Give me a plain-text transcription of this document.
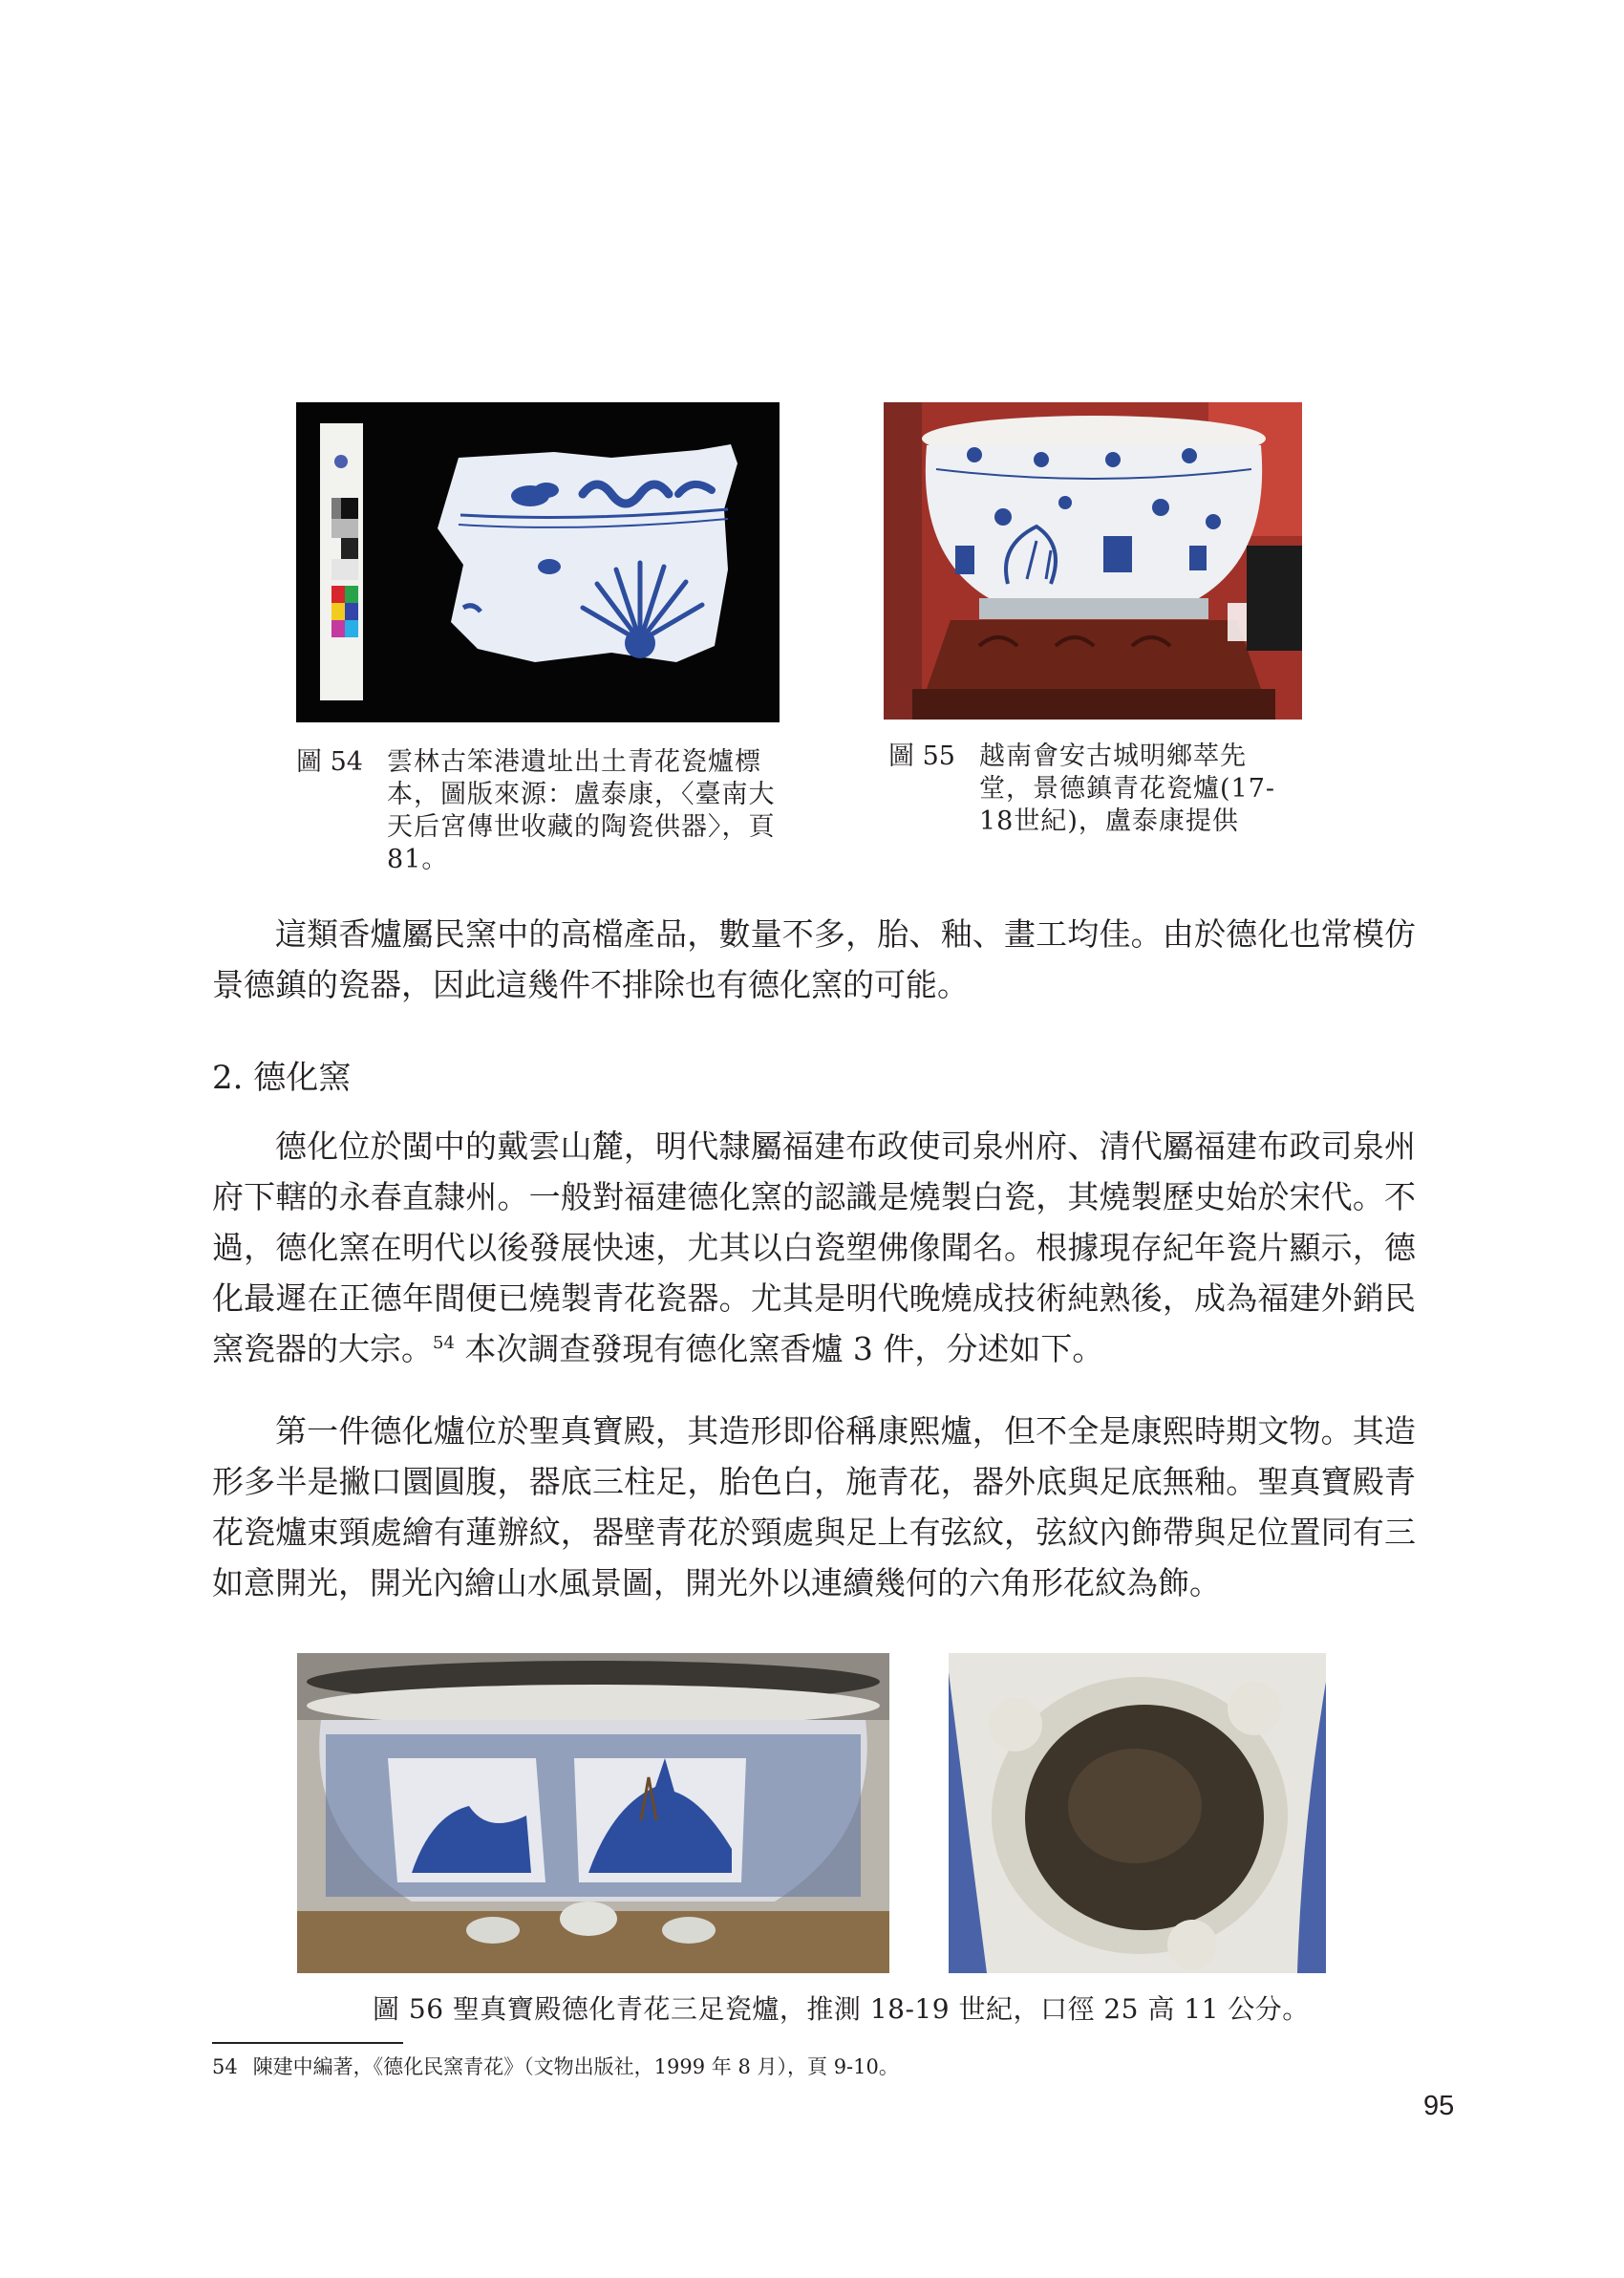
圖 54 雲林古笨港遺址出土青花瓷爐標本，圖版來源：盧泰康，〈臺南大天后宮傳世收藏的陶瓷供器〉，頁 81。
圖 55 越南會安古城明鄉萃先堂，景德鎮青花瓷爐(17-18世紀)，盧泰康提供

這類香爐屬民窯中的高檔產品，數量不多，胎、釉、畫工均佳。由於德化也常模仿景德鎮的瓷器，因此這幾件不排除也有德化窯的可能。

2. 德化窯

德化位於閩中的戴雲山麓，明代隸屬福建布政使司泉州府、清代屬福建布政司泉州府下轄的永春直隸州。一般對福建德化窯的認識是燒製白瓷，其燒製歷史始於宋代。不過，德化窯在明代以後發展快速，尤其以白瓷塑佛像聞名。根據現存紀年瓷片顯示，德化最遲在正德年間便已燒製青花瓷器。尤其是明代晚燒成技術純熟後，成為福建外銷民窯瓷器的大宗。$^{54}$ 本次調查發現有德化窯香爐 3 件，分述如下。

第一件德化爐位於聖真寶殿，其造形即俗稱康熙爐，但不全是康熙時期文物。其造形多半是撇口圜圓腹，器底三柱足，胎色白，施青花，器外底與足底無釉。聖真寶殿青花瓷爐束頸處繪有蓮辦紋，器壁青花於頸處與足上有弦紋，弦紋內飾帶與足位置同有三如意開光，開光內繪山水風景圖，開光外以連續幾何的六角形花紋為飾。

圖 56 聖真寶殿德化青花三足瓷爐，推測 18-19 世紀，口徑 25 高 11 公分。
54 陳建中編著，《德化民窯青花》（文物出版社，1999 年 8 月），頁 9-10。
95
